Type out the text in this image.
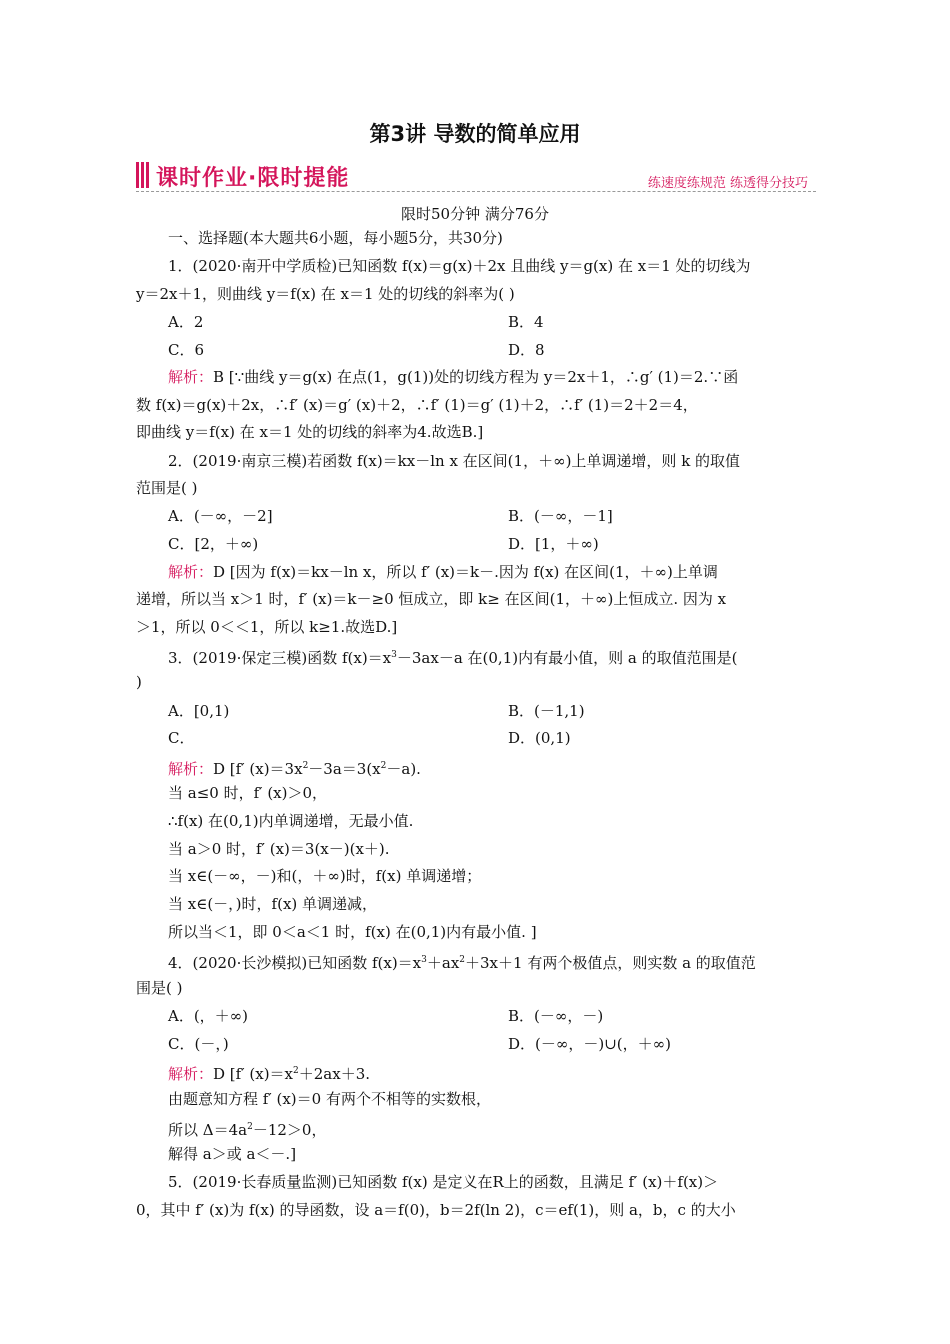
第3讲 导数的简单应用
课时作业·限时提能	练速度练规范 练透得分技巧
限时50分钟 满分76分
一、选择题(本大题共6小题，每小题5分，共30分)
1．(2020·南开中学质检)已知函数 f(x)＝g(x)＋2x 且曲线 y＝g(x) 在 x＝1 处的切线为
y＝2x＋1，则曲线 y＝f(x) 在 x＝1 处的切线的斜率为( )
A．2	B．4
C．6	D．8
解析：B [∵曲线 y＝g(x) 在点(1，g(1))处的切线方程为 y＝2x＋1，∴g′ (1)＝2.∵函
数 f(x)＝g(x)＋2x，∴f′ (x)＝g′ (x)＋2，∴f′ (1)＝g′ (1)＋2，∴f′ (1)＝2＋2＝4，
即曲线 y＝f(x) 在 x＝1 处的切线的斜率为4.故选B.]
2．(2019·南京三模)若函数 f(x)＝kx－ln x 在区间(1，＋∞)上单调递增，则 k 的取值
范围是( )
A．(－∞，－2]	B．(－∞，－1]
C．[2，＋∞)	D．[1，＋∞)
解析：D [因为 f(x)＝kx－ln x，所以 f′ (x)＝k－.因为 f(x) 在区间(1，＋∞)上单调
递增，所以当 x＞1 时，f′ (x)＝k－≥0 恒成立，即 k≥ 在区间(1，＋∞)上恒成立. 因为 x
＞1，所以 0＜＜1，所以 k≥1.故选D.]
3．(2019·保定三模)函数 $f(x)=x^3-3ax-a$ 在(0,1)内有最小值，则 a 的取值范围是(
)
A．[0,1)	B．(－1,1)
C．	D．(0,1)
解析：D [f′ $(x)=3x^2-3a=3(x^2-a)$.
当 a≤0 时，f′ (x)＞0，
∴f(x) 在(0,1)内单调递增，无最小值.
当 a＞0 时，f′ (x)＝3(x－)(x＋).
当 x∈(－∞，－)和(，＋∞)时，f(x) 单调递增；
当 x∈(－，)时，f(x) 单调递减，
所以当＜1，即 0＜a＜1 时，f(x) 在(0,1)内有最小值. ]
4．(2020·长沙模拟)已知函数 $f(x)=x^3+ax^2+3x+1$ 有两个极值点，则实数 a 的取值范
围是( )
A．(，＋∞)	B．(－∞，－)
C．(－，)	D．(－∞，－)∪(，＋∞)
解析：D [f′ $(x)=x^2+2ax+3$.
由题意知方程 f′ (x)＝0 有两个不相等的实数根，
所以 $\Delta=4a^2-12>0$，
解得 a＞或 a＜－.]
5．(2019·长春质量监测)已知函数 f(x) 是定义在R上的函数，且满足 f′ (x)＋f(x)＞
0，其中 f′ (x)为 f(x) 的导函数，设 a＝f(0)，b＝2f(ln 2)，c＝ef(1)，则 a，b，c 的大小
